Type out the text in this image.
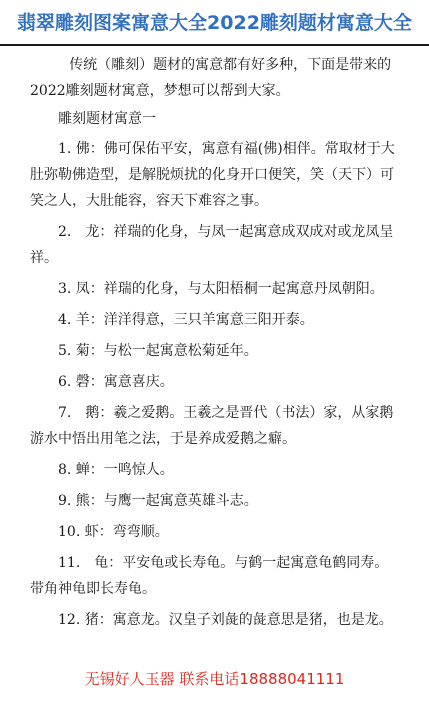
翡翠雕刻图案寓意大全2022雕刻题材寓意大全

传统（雕刻）题材的寓意都有好多种，下面是带来的2022雕刻题材寓意，梦想可以帮到大家。

雕刻题材寓意一

1. 佛：佛可保佑平安，寓意有福(佛)相伴。常取材于大肚弥勒佛造型，是解脱烦扰的化身开口便笑，笑（天下）可笑之人，大肚能容，容天下难容之事。

2.　龙：祥瑞的化身，与凤一起寓意成双成对或龙凤呈祥。

3. 凤：祥瑞的化身，与太阳梧桐一起寓意丹凤朝阳。

4. 羊：洋洋得意，三只羊寓意三阳开泰。

5. 菊：与松一起寓意松菊延年。

6. 磬：寓意喜庆。

7.　鹅：羲之爱鹅。王羲之是晋代（书法）家，从家鹅游水中悟出用笔之法，于是养成爱鹅之癖。

8. 蝉：一鸣惊人。

9. 熊：与鹰一起寓意英雄斗志。

10. 虾：弯弯顺。

11.　龟：平安龟或长寿龟。与鹤一起寓意龟鹤同寿。带角神龟即长寿龟。

12. 猪：寓意龙。汉皇子刘彘的彘意思是猪，也是龙。

无锡好人玉器 联系电话18888041111
